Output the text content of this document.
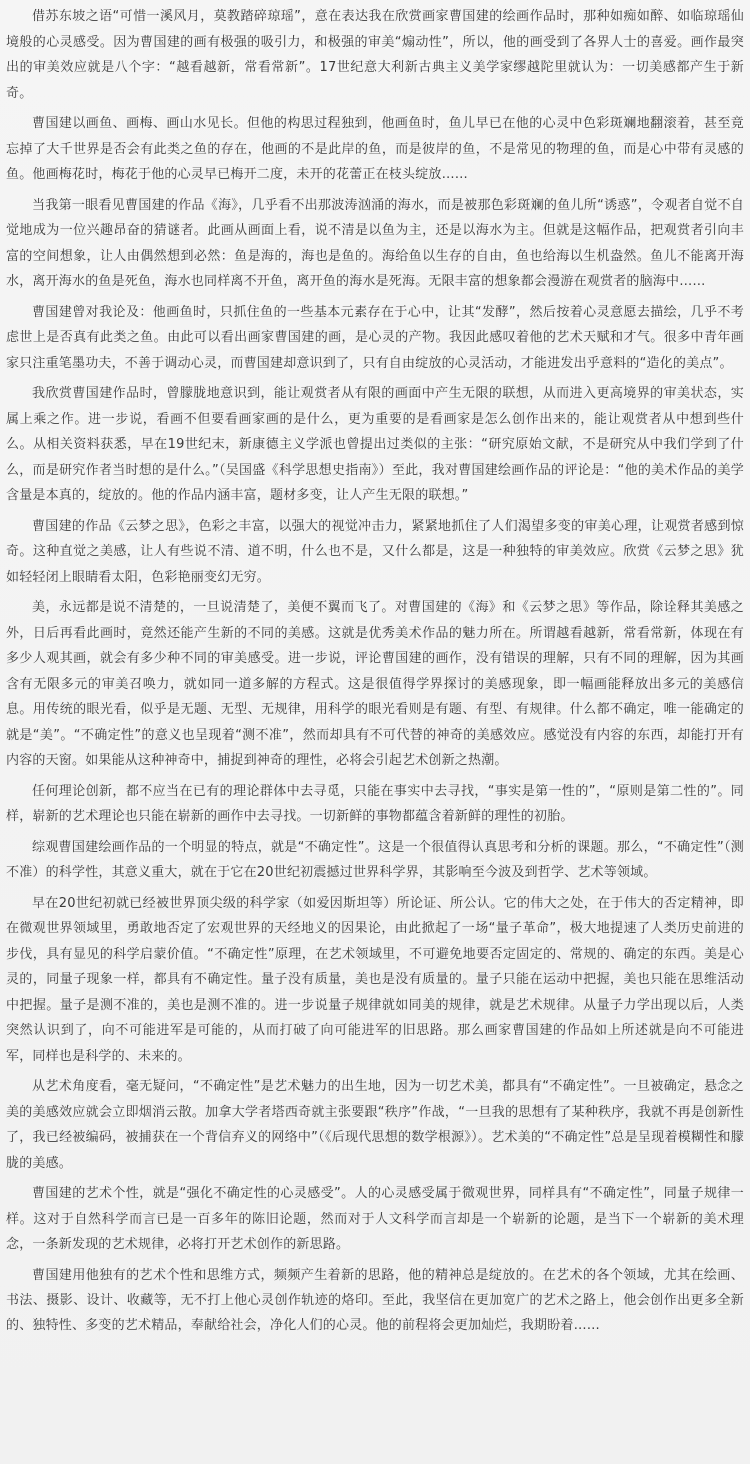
借苏东坡之语“可惜一溪风月，莫教踏碎琼瑶”，意在表达我在欣赏画家曹国建的绘画作品时，那种如痴如醉、如临琼瑶仙境般的心灵感受。因为曹国建的画有极强的吸引力，和极强的审美“煽动性”，所以，他的画受到了各界人士的喜爱。画作最突出的审美效应就是八个字：“越看越新，常看常新”。17世纪意大利新古典主义美学家缪越陀里就认为：一切美感都产生于新奇。

曹国建以画鱼、画梅、画山水见长。但他的构思过程独到，他画鱼时，鱼儿早已在他的心灵中色彩斑斓地翻滚着，甚至竟忘掉了大千世界是否会有此类之鱼的存在，他画的不是此岸的鱼，而是彼岸的鱼，不是常见的物理的鱼，而是心中带有灵感的鱼。他画梅花时，梅花于他的心灵早已梅开二度，未开的花蕾正在枝头绽放……

当我第一眼看见曹国建的作品《海》，几乎看不出那波涛汹涌的海水，而是被那色彩斑斓的鱼儿所“诱惑”，令观者自觉不自觉地成为一位兴趣昂奋的猜谜者。此画从画面上看，说不清是以鱼为主，还是以海水为主。但就是这幅作品，把观赏者引向丰富的空间想象，让人由偶然想到必然：鱼是海的，海也是鱼的。海给鱼以生存的自由，鱼也给海以生机盎然。鱼儿不能离开海水，离开海水的鱼是死鱼，海水也同样离不开鱼，离开鱼的海水是死海。无限丰富的想象都会漫游在观赏者的脑海中……

曹国建曾对我论及：他画鱼时，只抓住鱼的一些基本元素存在于心中，让其“发酵”，然后按着心灵意愿去描绘，几乎不考虑世上是否真有此类之鱼。由此可以看出画家曹国建的画，是心灵的产物。我因此感叹着他的艺术天赋和才气。很多中青年画家只注重笔墨功夫，不善于调动心灵，而曹国建却意识到了，只有自由绽放的心灵活动，才能进发出乎意料的“造化的美点”。

我欣赏曹国建作品时，曾朦胧地意识到，能让观赏者从有限的画面中产生无限的联想，从而进入更高境界的审美状态，实属上乘之作。进一步说，看画不但要看画家画的是什么，更为重要的是看画家是怎么创作出来的，能让观赏者从中想到些什么。从相关资料获悉，早在19世纪末，新康德主义学派也曾提出过类似的主张：“研究原始文献，不是研究从中我们学到了什么，而是研究作者当时想的是什么。”（吴国盛《科学思想史指南》）至此，我对曹国建绘画作品的评论是：“他的美术作品的美学含量是本真的，绽放的。他的作品内涵丰富，题材多变，让人产生无限的联想。”

曹国建的作品《云梦之思》，色彩之丰富，以强大的视觉冲击力，紧紧地抓住了人们渴望多变的审美心理，让观赏者感到惊奇。这种直觉之美感，让人有些说不清、道不明，什么也不是，又什么都是，这是一种独特的审美效应。欣赏《云梦之思》犹如轻轻闭上眼睛看太阳，色彩艳丽变幻无穷。

美，永远都是说不清楚的，一旦说清楚了，美便不翼而飞了。对曹国建的《海》和《云梦之思》等作品，除诠释其美感之外，日后再看此画时，竟然还能产生新的不同的美感。这就是优秀美术作品的魅力所在。所谓越看越新，常看常新，体现在有多少人观其画，就会有多少种不同的审美感受。进一步说，评论曹国建的画作，没有错误的理解，只有不同的理解，因为其画含有无限多元的审美召唤力，就如同一道多解的方程式。这是很值得学界探讨的美感现象，即一幅画能释放出多元的美感信息。用传统的眼光看，似乎是无题、无型、无规律，用科学的眼光看则是有题、有型、有规律。什么都不确定，唯一能确定的就是“美”。“不确定性”的意义也呈现着“测不准”，然而却具有不可代替的神奇的美感效应。感觉没有内容的东西，却能打开有内容的天窗。如果能从这种神奇中，捕捉到神奇的理性，必将会引起艺术创新之热潮。

任何理论创新，都不应当在已有的理论群体中去寻觅，只能在事实中去寻找，“事实是第一性的”，“原则是第二性的”。同样，崭新的艺术理论也只能在崭新的画作中去寻找。一切新鲜的事物都蕴含着新鲜的理性的初胎。

综观曹国建绘画作品的一个明显的特点，就是“不确定性”。这是一个很值得认真思考和分析的课题。那么，“不确定性”（测不准）的科学性，其意义重大，就在于它在20世纪初震撼过世界科学界，其影响至今波及到哲学、艺术等领域。

早在20世纪初就已经被世界顶尖级的科学家（如爱因斯坦等）所论证、所公认。它的伟大之处，在于伟大的否定精神，即在微观世界领域里，勇敢地否定了宏观世界的天经地义的因果论，由此掀起了一场“量子革命”，极大地提速了人类历史前进的步伐，具有显见的科学启蒙价值。“不确定性”原理，在艺术领域里，不可避免地要否定固定的、常规的、确定的东西。美是心灵的，同量子现象一样，都具有不确定性。量子没有质量，美也是没有质量的。量子只能在运动中把握，美也只能在思维活动中把握。量子是测不准的，美也是测不准的。进一步说量子规律就如同美的规律，就是艺术规律。从量子力学出现以后，人类突然认识到了，向不可能进军是可能的，从而打破了向可能进军的旧思路。那么画家曹国建的作品如上所述就是向不可能进军，同样也是科学的、未来的。

从艺术角度看，毫无疑问，“不确定性”是艺术魅力的出生地，因为一切艺术美，都具有“不确定性”。一旦被确定，悬念之美的美感效应就会立即烟消云散。加拿大学者塔西奇就主张要跟“秩序”作战，“一旦我的思想有了某种秩序，我就不再是创新性了，我已经被编码，被捕获在一个背信弃义的网络中”（《后现代思想的数学根源》）。艺术美的“不确定性”总是呈现着模糊性和朦胧的美感。

曹国建的艺术个性，就是“强化不确定性的心灵感受”。人的心灵感受属于微观世界，同样具有“不确定性”，同量子规律一样。这对于自然科学而言已是一百多年的陈旧论题，然而对于人文科学而言却是一个崭新的论题，是当下一个崭新的美术理念，一条新发现的艺术规律，必将打开艺术创作的新思路。

曹国建用他独有的艺术个性和思维方式，频频产生着新的思路，他的精神总是绽放的。在艺术的各个领域，尤其在绘画、书法、摄影、设计、收藏等，无不打上他心灵创作轨迹的烙印。至此，我坚信在更加宽广的艺术之路上，他会创作出更多全新的、独特性、多变的艺术精品，奉献给社会，净化人们的心灵。他的前程将会更加灿烂，我期盼着……
